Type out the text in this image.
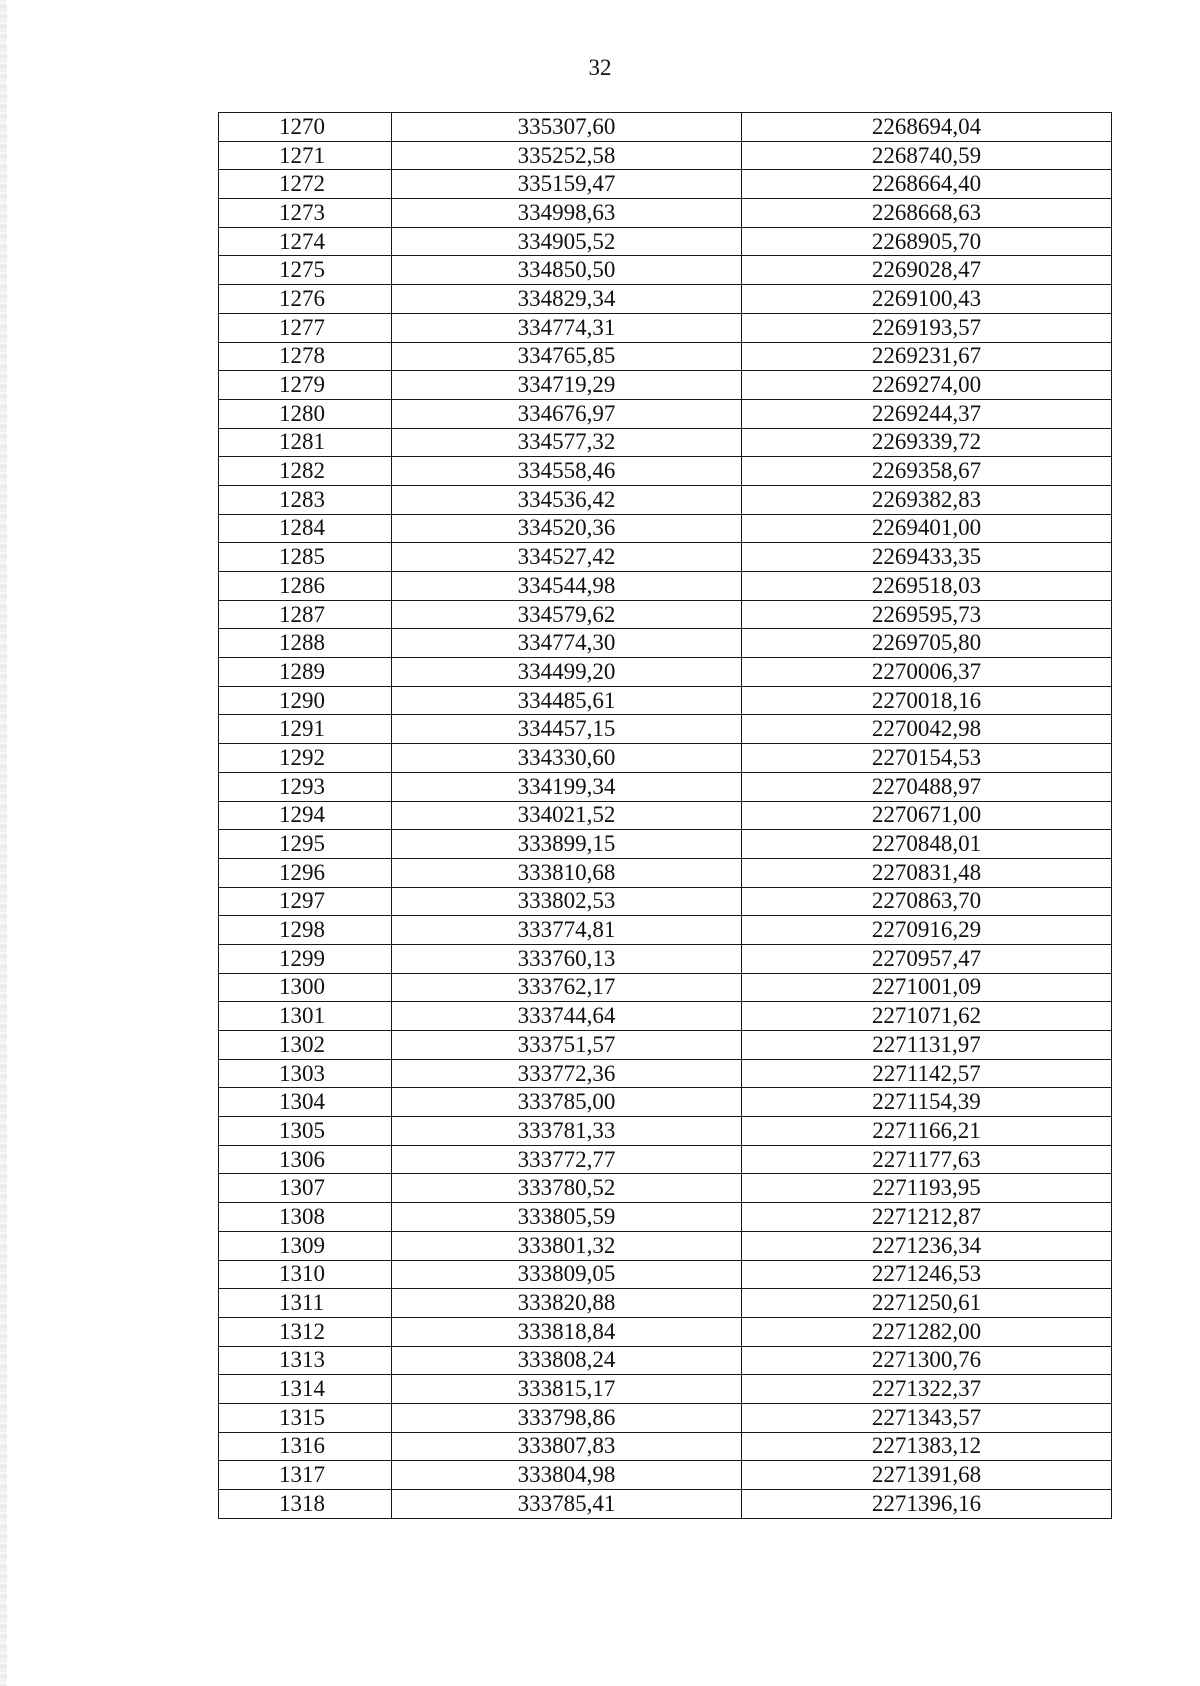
32
1270	335307,60	2268694,04
1271	335252,58	2268740,59
1272	335159,47	2268664,40
1273	334998,63	2268668,63
1274	334905,52	2268905,70
1275	334850,50	2269028,47
1276	334829,34	2269100,43
1277	334774,31	2269193,57
1278	334765,85	2269231,67
1279	334719,29	2269274,00
1280	334676,97	2269244,37
1281	334577,32	2269339,72
1282	334558,46	2269358,67
1283	334536,42	2269382,83
1284	334520,36	2269401,00
1285	334527,42	2269433,35
1286	334544,98	2269518,03
1287	334579,62	2269595,73
1288	334774,30	2269705,80
1289	334499,20	2270006,37
1290	334485,61	2270018,16
1291	334457,15	2270042,98
1292	334330,60	2270154,53
1293	334199,34	2270488,97
1294	334021,52	2270671,00
1295	333899,15	2270848,01
1296	333810,68	2270831,48
1297	333802,53	2270863,70
1298	333774,81	2270916,29
1299	333760,13	2270957,47
1300	333762,17	2271001,09
1301	333744,64	2271071,62
1302	333751,57	2271131,97
1303	333772,36	2271142,57
1304	333785,00	2271154,39
1305	333781,33	2271166,21
1306	333772,77	2271177,63
1307	333780,52	2271193,95
1308	333805,59	2271212,87
1309	333801,32	2271236,34
1310	333809,05	2271246,53
1311	333820,88	2271250,61
1312	333818,84	2271282,00
1313	333808,24	2271300,76
1314	333815,17	2271322,37
1315	333798,86	2271343,57
1316	333807,83	2271383,12
1317	333804,98	2271391,68
1318	333785,41	2271396,16
